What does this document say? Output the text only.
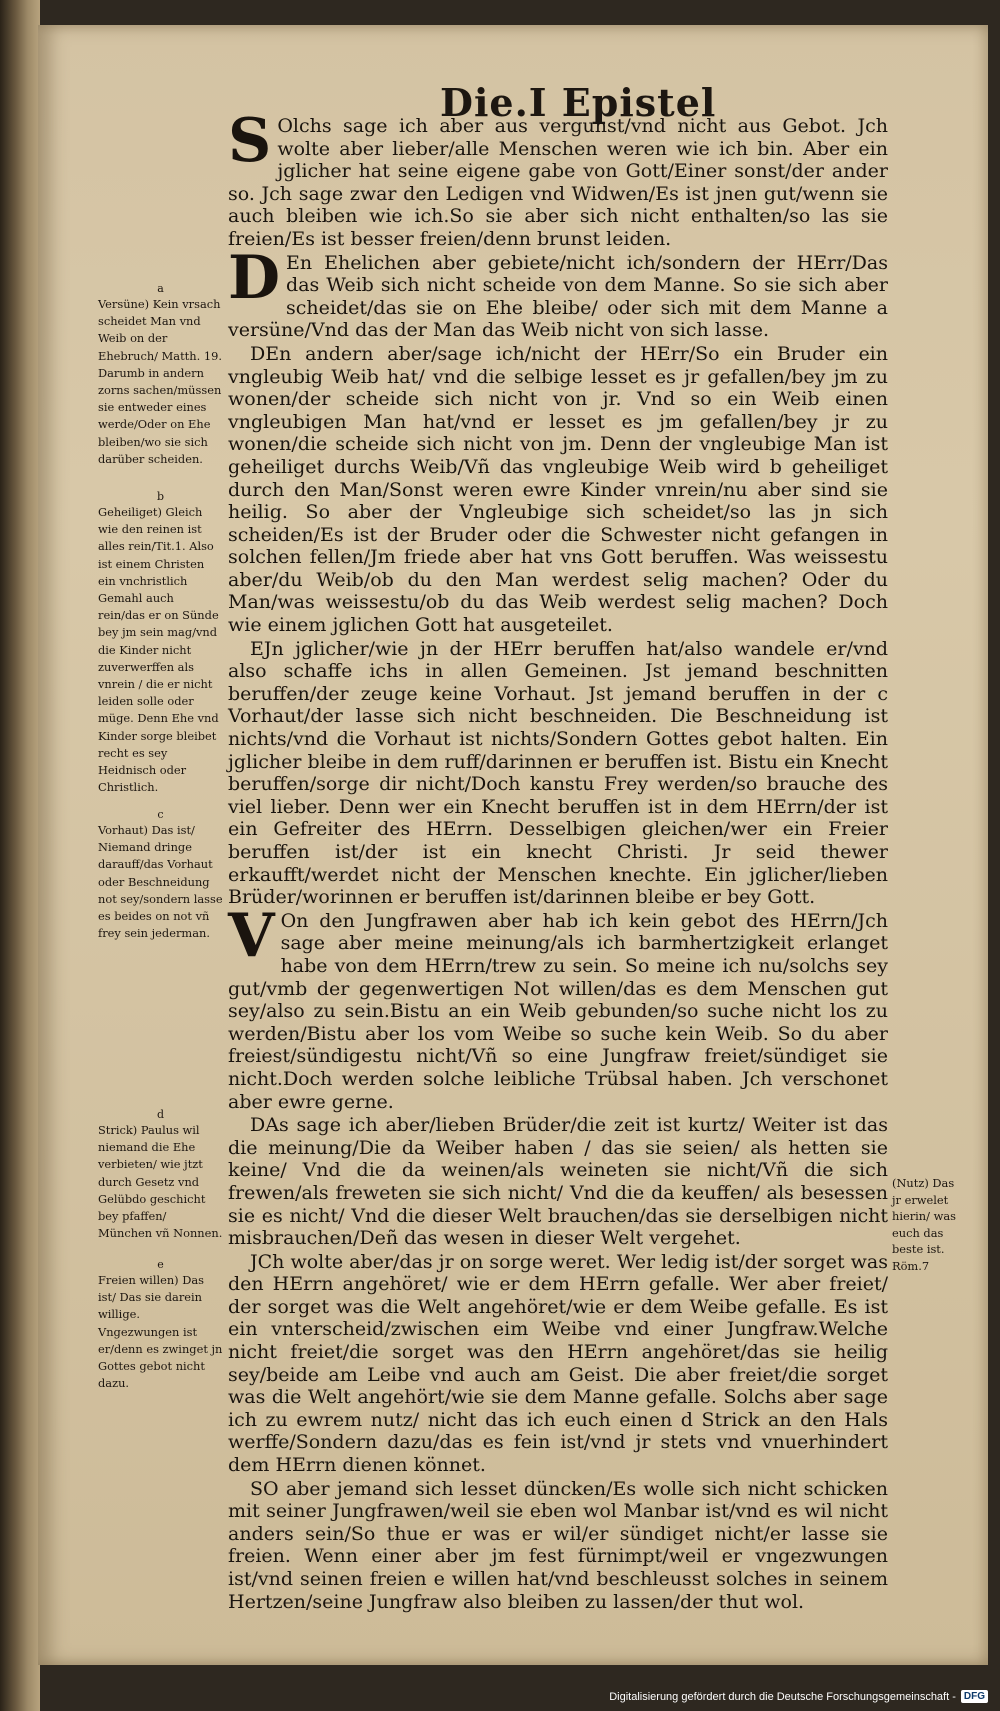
Die.I Epistel

S Olchs sage ich aber aus vergunst/vnd nicht aus Gebot. Jch wolte aber lieber/alle Menschen weren wie ich bin. Aber ein jglicher hat seine eigene gabe von Gott/Einer sonst/der ander so. Jch sage zwar den Ledigen vnd Widwen/Es ist jnen gut/wenn sie auch bleiben wie ich.So sie aber sich nicht enthalten/so las sie freien/Es ist besser freien/denn brunst leiden.

D En Ehelichen aber gebiete/nicht ich/sondern der HErr/Das das Weib sich nicht scheide von dem Manne. So sie sich aber scheidet/das sie on Ehe bleibe/ oder sich mit dem Manne a versüne/Vnd das der Man das Weib nicht von sich lasse.

DEn andern aber/sage ich/nicht der HErr/So ein Bruder ein vngleubig Weib hat/ vnd die selbige lesset es jr gefallen/bey jm zu wonen/der scheide sich nicht von jr. Vnd so ein Weib einen vngleubigen Man hat/vnd er lesset es jm gefallen/bey jr zu wonen/die scheide sich nicht von jm. Denn der vngleubige Man ist geheiliget durchs Weib/Vñ das vngleubige Weib wird b geheiliget durch den Man/Sonst weren ewre Kinder vnrein/nu aber sind sie heilig. So aber der Vngleubige sich scheidet/so las jn sich scheiden/Es ist der Bruder oder die Schwester nicht gefangen in solchen fellen/Jm friede aber hat vns Gott beruffen. Was weissestu aber/du Weib/ob du den Man werdest selig machen? Oder du Man/was weissestu/ob du das Weib werdest selig machen? Doch wie einem jglichen Gott hat ausgeteilet.

EJn jglicher/wie jn der HErr beruffen hat/also wandele er/vnd also schaffe ichs in allen Gemeinen. Jst jemand beschnitten beruffen/der zeuge keine Vorhaut. Jst jemand beruffen in der c Vorhaut/der lasse sich nicht beschneiden. Die Beschneidung ist nichts/vnd die Vorhaut ist nichts/Sondern Gottes gebot halten. Ein jglicher bleibe in dem ruff/darinnen er beruffen ist. Bistu ein Knecht beruffen/sorge dir nicht/Doch kanstu Frey werden/so brauche des viel lieber. Denn wer ein Knecht beruffen ist in dem HErrn/der ist ein Gefreiter des HErrn. Desselbigen gleichen/wer ein Freier beruffen ist/der ist ein knecht Christi. Jr seid thewer erkaufft/werdet nicht der Menschen knechte. Ein jglicher/lieben Brüder/worinnen er beruffen ist/darinnen bleibe er bey Gott.

V On den Jungfrawen aber hab ich kein gebot des HErrn/Jch sage aber meine meinung/als ich barmhertzigkeit erlanget habe von dem HErrn/trew zu sein. So meine ich nu/solchs sey gut/vmb der gegenwertigen Not willen/das es dem Menschen gut sey/also zu sein.Bistu an ein Weib gebunden/so suche nicht los zu werden/Bistu aber los vom Weibe so suche kein Weib. So du aber freiest/sündigestu nicht/Vñ so eine Jungfraw freiet/sündiget sie nicht.Doch werden solche leibliche Trübsal haben. Jch verschonet aber ewre gerne.

DAs sage ich aber/lieben Brüder/die zeit ist kurtz/ Weiter ist das die meinung/Die da Weiber haben / das sie seien/ als hetten sie keine/ Vnd die da weinen/als weineten sie nicht/Vñ die sich frewen/als freweten sie sich nicht/ Vnd die da keuffen/ als besessen sie es nicht/ Vnd die dieser Welt brauchen/das sie derselbigen nicht misbrauchen/Deñ das wesen in dieser Welt vergehet.

JCh wolte aber/das jr on sorge weret. Wer ledig ist/der sorget was den HErrn angehöret/ wie er dem HErrn gefalle. Wer aber freiet/ der sorget was die Welt angehöret/wie er dem Weibe gefalle. Es ist ein vnterscheid/zwischen eim Weibe vnd einer Jungfraw.Welche nicht freiet/die sorget was den HErrn angehöret/das sie heilig sey/beide am Leibe vnd auch am Geist. Die aber freiet/die sorget was die Welt angehört/wie sie dem Manne gefalle. Solchs aber sage ich zu ewrem nutz/ nicht das ich euch einen d Strick an den Hals werffe/Sondern dazu/das es fein ist/vnd jr stets vnd vnuerhindert dem HErrn dienen könnet.

SO aber jemand sich lesset düncken/Es wolle sich nicht schicken mit seiner Jungfrawen/weil sie eben wol Manbar ist/vnd es wil nicht anders sein/So thue er was er wil/er sündiget nicht/er lasse sie freien. Wenn einer aber jm fest fürnimpt/weil er vngezwungen ist/vnd seinen freien e willen hat/vnd beschleusst solches in seinem Hertzen/seine Jungfraw also bleiben zu lassen/der thut wol.

a
Versüne) Kein vrsach scheidet Man vnd Weib on der Ehebruch/ Matth. 19. Darumb in andern zorns sachen/müssen sie entweder eines werde/Oder on Ehe bleiben/wo sie sich darüber scheiden.
b
Geheiliget) Gleich wie den reinen ist alles rein/Tit.1. Also ist einem Christen ein vnchristlich Gemahl auch rein/das er on Sünde bey jm sein mag/vnd die Kinder nicht zuverwerffen als vnrein / die er nicht leiden solle oder müge. Denn Ehe vnd Kinder sorge bleibet recht es sey Heidnisch oder Christlich.
c
Vorhaut) Das ist/ Niemand dringe darauff/das Vorhaut oder Beschneidung not sey/sondern lasse es beides on not vñ frey sein jederman.
d
Strick) Paulus wil niemand die Ehe verbieten/ wie jtzt durch Gesetz vnd Gelübdo geschicht bey pfaffen/ München vñ Nonnen.
e
Freien willen) Das ist/ Das sie darein willige. Vngezwungen ist er/denn es zwinget jn Gottes gebot nicht dazu.
(Nutz) Das jr erwelet hierin/ was euch das beste ist. Röm.7
Digitalisierung gefördert durch die Deutsche Forschungsgemeinschaft - DFG
